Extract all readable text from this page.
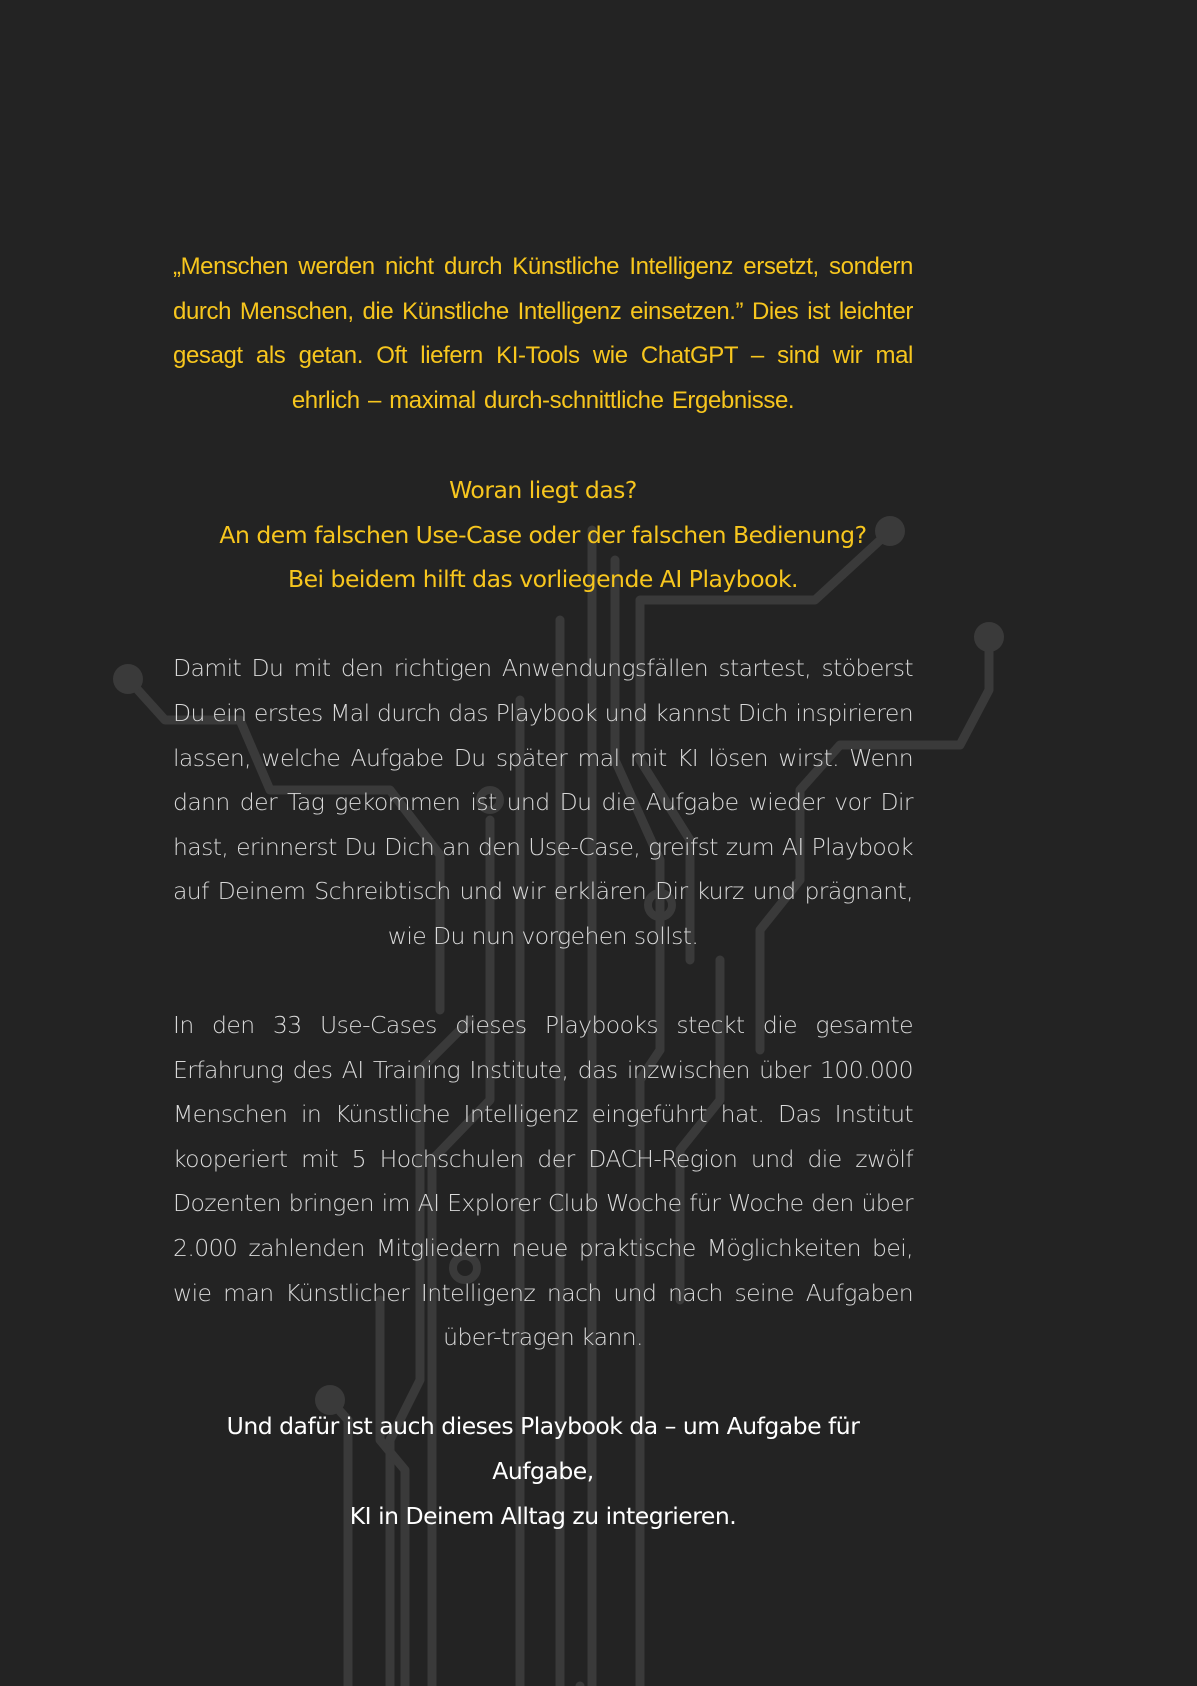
„Menschen werden nicht durch Künstliche Intelligenz ersetzt, sondern durch Menschen, die Künstliche Intelligenz einsetzen.” Dies ist leichter gesagt als getan. Oft liefern KI-Tools wie ChatGPT – sind wir mal ehrlich – maximal durch-schnittliche Ergebnisse.

Woran liegt das?
An dem falschen Use-Case oder der falschen Bedienung?
Bei beidem hilft das vorliegende AI Playbook.

Damit Du mit den richtigen Anwendungsfällen startest, stöberst Du ein erstes Mal durch das Playbook und kannst Dich inspirieren lassen, welche Aufgabe Du später mal mit KI lösen wirst. Wenn dann der Tag gekommen ist und Du die Aufgabe wieder vor Dir hast, erinnerst Du Dich an den Use-Case, greifst zum AI Playbook auf Deinem Schreibtisch und wir erklären Dir kurz und prägnant, wie Du nun vorgehen sollst.

In den 33 Use-Cases dieses Playbooks steckt die gesamte Erfahrung des AI Training Institute, das inzwischen über 100.000 Menschen in Künstliche Intelligenz eingeführt hat. Das Institut kooperiert mit 5 Hochschulen der DACH-Region und die zwölf Dozenten bringen im AI Explorer Club Woche für Woche den über 2.000 zahlenden Mitgliedern neue praktische Möglichkeiten bei, wie man Künstlicher Intelligenz nach und nach seine Aufgaben über-tragen kann.

Und dafür ist auch dieses Playbook da – um Aufgabe für Aufgabe,
KI in Deinem Alltag zu integrieren.
